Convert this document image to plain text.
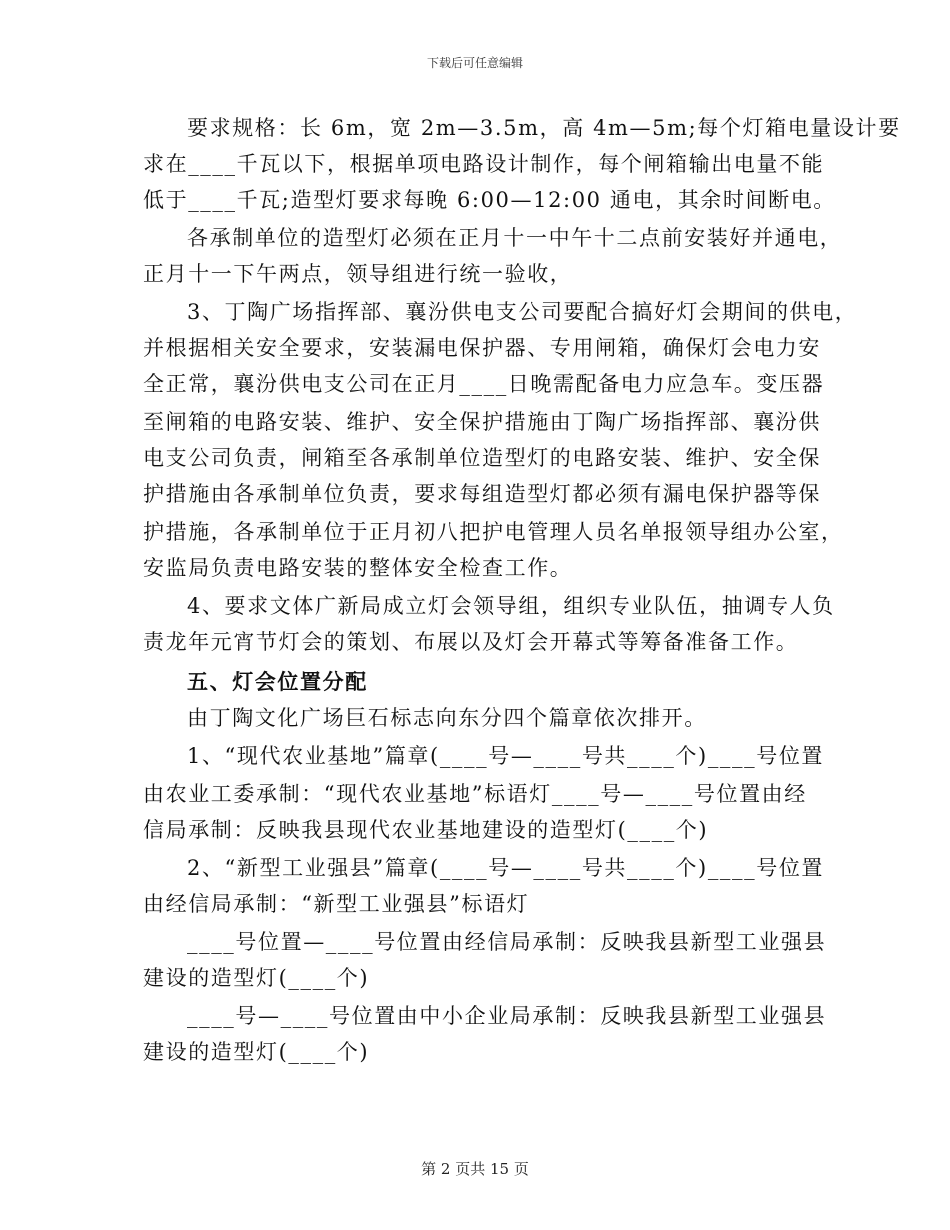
下载后可任意编辑
要求规格：长 6m，宽 2m—3.5m，高 4m—5m;每个灯箱电量设计要
求在____千瓦以下，根据单项电路设计制作，每个闸箱输出电量不能
低于____千瓦;造型灯要求每晚 6:00—12:00 通电，其余时间断电。
各承制单位的造型灯必须在正月十一中午十二点前安装好并通电，
正月十一下午两点，领导组进行统一验收，
3、丁陶广场指挥部、襄汾供电支公司要配合搞好灯会期间的供电，
并根据相关安全要求，安装漏电保护器、专用闸箱，确保灯会电力安
全正常，襄汾供电支公司在正月____日晚需配备电力应急车。变压器
至闸箱的电路安装、维护、安全保护措施由丁陶广场指挥部、襄汾供
电支公司负责，闸箱至各承制单位造型灯的电路安装、维护、安全保
护措施由各承制单位负责，要求每组造型灯都必须有漏电保护器等保
护措施，各承制单位于正月初八把护电管理人员名单报领导组办公室，
安监局负责电路安装的整体安全检查工作。
4、要求文体广新局成立灯会领导组，组织专业队伍，抽调专人负
责龙年元宵节灯会的策划、布展以及灯会开幕式等筹备准备工作。
五、灯会位置分配
由丁陶文化广场巨石标志向东分四个篇章依次排开。
1、“现代农业基地”篇章(____号—____号共____个)____号位置
由农业工委承制：“现代农业基地”标语灯____号—____号位置由经
信局承制：反映我县现代农业基地建设的造型灯(____个)
2、“新型工业强县”篇章(____号—____号共____个)____号位置
由经信局承制：“新型工业强县”标语灯
____号位置—____号位置由经信局承制：反映我县新型工业强县
建设的造型灯(____个)
____号—____号位置由中小企业局承制：反映我县新型工业强县
建设的造型灯(____个)
第 2 页共 15 页
